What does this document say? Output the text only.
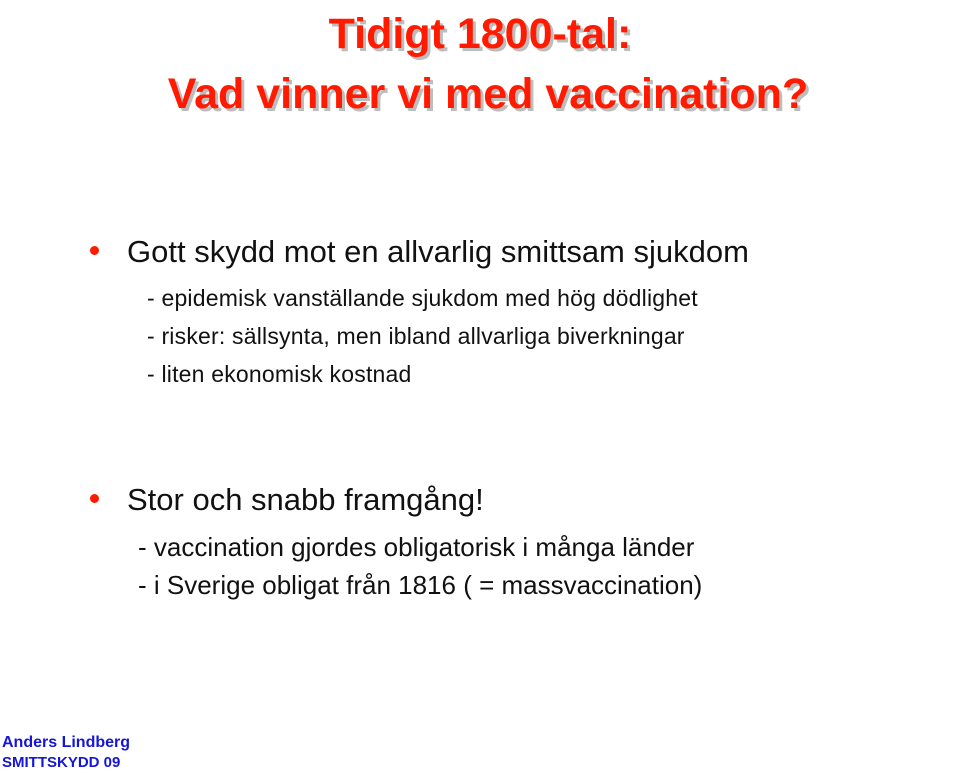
Tidigt 1800-tal:
Vad vinner vi med vaccination?
Gott skydd mot en allvarlig smittsam sjukdom
- epidemisk vanställande sjukdom med hög dödlighet
- risker: sällsynta, men ibland allvarliga biverkningar
- liten ekonomisk kostnad
Stor och snabb framgång!
- vaccination gjordes obligatorisk i många länder
- i Sverige obligat från 1816 ( = massvaccination)
Anders Lindberg
SMITTSKYDD 09
